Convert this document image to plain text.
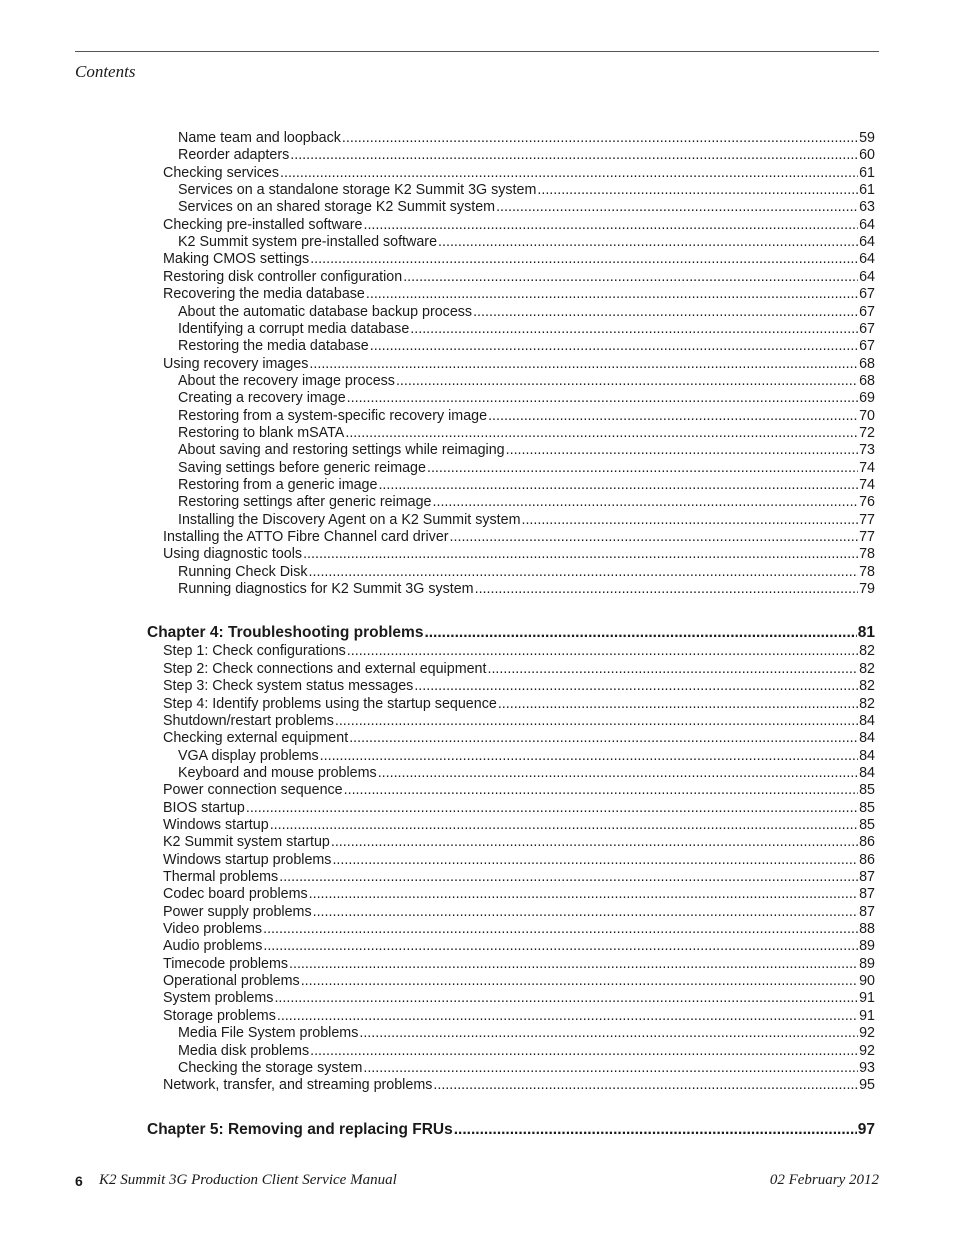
Contents
Name team and loopback .....	59
Reorder adapters .....	60
Checking services .....	61
Services on a standalone storage K2 Summit 3G system .....	61
Services on an shared storage K2 Summit system .....	63
Checking pre-installed software .....	64
K2 Summit system pre-installed software .....	64
Making CMOS settings .....	64
Restoring disk controller configuration .....	64
Recovering the media database .....	67
About the automatic database backup process .....	67
Identifying a corrupt media database .....	67
Restoring the media database .....	67
Using recovery images .....	68
About the recovery image process .....	68
Creating a recovery image .....	69
Restoring from a system-specific recovery image .....	70
Restoring to blank mSATA .....	72
About saving and restoring settings while reimaging .....	73
Saving settings before generic reimage .....	74
Restoring from a generic image .....	74
Restoring settings after generic reimage .....	76
Installing the Discovery Agent on a K2 Summit system .....	77
Installing the ATTO Fibre Channel card driver .....	77
Using diagnostic tools .....	78
Running Check Disk .....	78
Running diagnostics for K2 Summit 3G system .....	79
Chapter 4: Troubleshooting problems .....	81
Step 1: Check configurations .....	82
Step 2: Check connections and external equipment .....	82
Step 3: Check system status messages .....	82
Step 4: Identify problems using the startup sequence .....	82
Shutdown/restart problems .....	84
Checking external equipment .....	84
VGA display problems .....	84
Keyboard and mouse problems .....	84
Power connection sequence .....	85
BIOS startup .....	85
Windows startup .....	85
K2 Summit system startup .....	86
Windows startup problems .....	86
Thermal problems .....	87
Codec board problems .....	87
Power supply problems .....	87
Video problems .....	88
Audio problems .....	89
Timecode problems .....	89
Operational problems .....	90
System problems .....	91
Storage problems .....	91
Media File System problems .....	92
Media disk problems .....	92
Checking the storage system .....	93
Network, transfer, and streaming problems .....	95
Chapter 5: Removing and replacing FRUs .....	97
6 K2 Summit 3G Production Client Service Manual	02 February 2012
